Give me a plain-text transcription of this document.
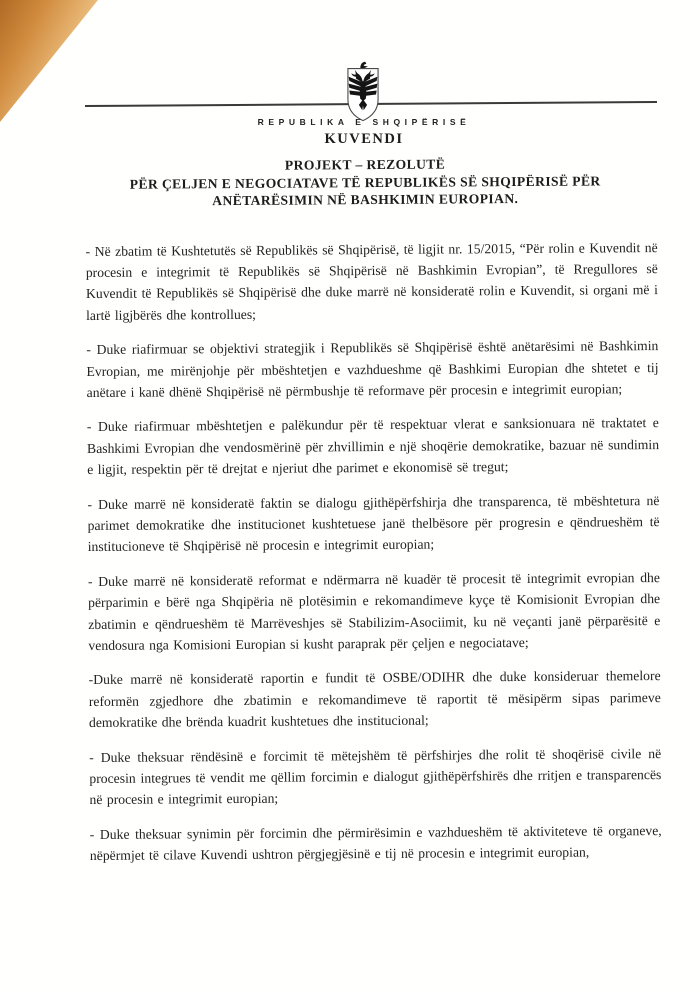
REPUBLIKA E SHQIPËRISË
KUVENDI
PROJEKT – REZOLUTË
PËR ÇELJEN E NEGOCIATAVE TË REPUBLIKËS SË SHQIPËRISË PËR
ANËTARËSIMIN NË BASHKIMIN EUROPIAN.

- Në zbatim të Kushtetutës së Republikës së Shqipërisë, të ligjit nr. 15/2015, “Për rolin e Kuvendit në procesin e integrimit të Republikës së Shqipërisë në Bashkimin Evropian”, të Rregullores së Kuvendit të Republikës së Shqipërisë dhe duke marrë në konsideratë rolin e Kuvendit, si organi më i lartë ligjbërës dhe kontrollues;

- Duke riafirmuar se objektivi strategjik i Republikës së Shqipërisë është anëtarësimi në Bashkimin Evropian, me mirënjohje për mbështetjen e vazhdueshme që Bashkimi Europian dhe shtetet e tij anëtare i kanë dhënë Shqipërisë në përmbushje të reformave për procesin e integrimit europian;

- Duke riafirmuar mbështetjen e palëkundur për të respektuar vlerat e sanksionuara në traktatet e Bashkimi Evropian dhe vendosmërinë për zhvillimin e një shoqërie demokratike, bazuar në sundimin e ligjit, respektin për të drejtat e njeriut dhe parimet e ekonomisë së tregut;

- Duke marrë në konsideratë faktin se dialogu gjithëpërfshirja dhe transparenca, të mbështetura në parimet demokratike dhe institucionet kushtetuese janë thelbësore për progresin e qëndrueshëm të institucioneve të Shqipërisë në procesin e integrimit europian;

- Duke marrë në konsideratë reformat e ndërmarra në kuadër të procesit të integrimit evropian dhe përparimin e bërë nga Shqipëria në plotësimin e rekomandimeve kyçe të Komisionit Evropian dhe zbatimin e qëndrueshëm të Marrëveshjes së Stabilizim-Asociimit, ku në veçanti janë përparësitë e vendosura nga Komisioni Europian si kusht paraprak për çeljen e negociatave;

-Duke marrë në konsideratë raportin e fundit të OSBE/ODIHR dhe duke konsideruar themelore reformën zgjedhore dhe zbatimin e rekomandimeve të raportit të mësipërm sipas parimeve demokratike dhe brënda kuadrit kushtetues dhe institucional;

- Duke theksuar rëndësinë e forcimit të mëtejshëm të përfshirjes dhe rolit të shoqërisë civile në procesin integrues të vendit me qëllim forcimin e dialogut gjithëpërfshirës dhe rritjen e transparencës në procesin e integrimit europian;

- Duke theksuar synimin për forcimin dhe përmirësimin e vazhdueshëm të aktiviteteve të organeve, nëpërmjet të cilave Kuvendi ushtron përgjegjësinë e tij në procesin e integrimit europian,
